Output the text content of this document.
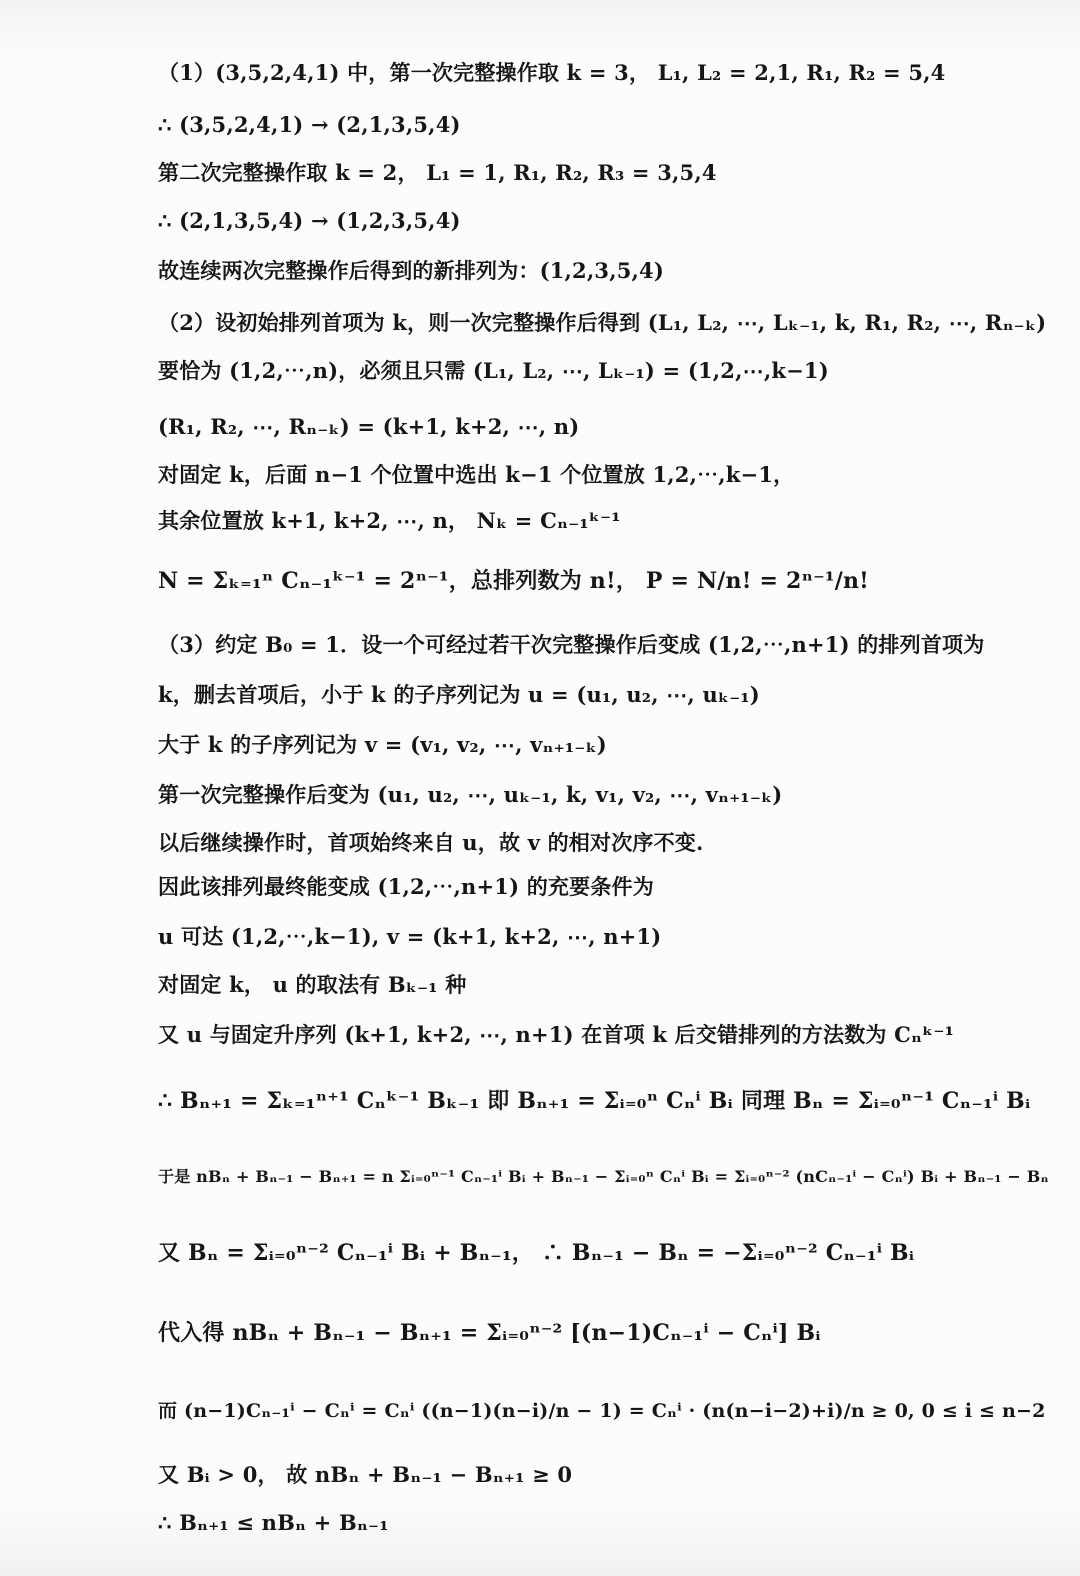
（1）(3,5,2,4,1) 中，第一次完整操作取 k = 3， L₁, L₂ = 2,1, R₁, R₂ = 5,4
∴ (3,5,2,4,1) → (2,1,3,5,4)
第二次完整操作取 k = 2， L₁ = 1, R₁, R₂, R₃ = 3,5,4
∴ (2,1,3,5,4) → (1,2,3,5,4)
故连续两次完整操作后得到的新排列为：(1,2,3,5,4)
（2）设初始排列首项为 k，则一次完整操作后得到 (L₁, L₂, ⋯, Lₖ₋₁, k, R₁, R₂, ⋯, Rₙ₋ₖ)
要恰为 (1,2,⋯,n)，必须且只需 (L₁, L₂, ⋯, Lₖ₋₁) = (1,2,⋯,k−1)
(R₁, R₂, ⋯, Rₙ₋ₖ) = (k+1, k+2, ⋯, n)
对固定 k，后面 n−1 个位置中选出 k−1 个位置放 1,2,⋯,k−1，
其余位置放 k+1, k+2, ⋯, n， Nₖ = Cₙ₋₁ᵏ⁻¹
N = Σₖ₌₁ⁿ Cₙ₋₁ᵏ⁻¹ = 2ⁿ⁻¹，总排列数为 n!， P = N/n! = 2ⁿ⁻¹/n!
（3）约定 B₀ = 1．设一个可经过若干次完整操作后变成 (1,2,⋯,n+1) 的排列首项为
k，删去首项后，小于 k 的子序列记为 u = (u₁, u₂, ⋯, uₖ₋₁)
大于 k 的子序列记为 v = (v₁, v₂, ⋯, vₙ₊₁₋ₖ)
第一次完整操作后变为 (u₁, u₂, ⋯, uₖ₋₁, k, v₁, v₂, ⋯, vₙ₊₁₋ₖ)
以后继续操作时，首项始终来自 u，故 v 的相对次序不变.
因此该排列最终能变成 (1,2,⋯,n+1) 的充要条件为
u 可达 (1,2,⋯,k−1), v = (k+1, k+2, ⋯, n+1)
对固定 k， u 的取法有 Bₖ₋₁ 种
又 u 与固定升序列 (k+1, k+2, ⋯, n+1) 在首项 k 后交错排列的方法数为 Cₙᵏ⁻¹
∴ Bₙ₊₁ = Σₖ₌₁ⁿ⁺¹ Cₙᵏ⁻¹ Bₖ₋₁ 即 Bₙ₊₁ = Σᵢ₌₀ⁿ Cₙⁱ Bᵢ 同理 Bₙ = Σᵢ₌₀ⁿ⁻¹ Cₙ₋₁ⁱ Bᵢ
于是 nBₙ + Bₙ₋₁ − Bₙ₊₁ = n Σᵢ₌₀ⁿ⁻¹ Cₙ₋₁ⁱ Bᵢ + Bₙ₋₁ − Σᵢ₌₀ⁿ Cₙⁱ Bᵢ = Σᵢ₌₀ⁿ⁻² (nCₙ₋₁ⁱ − Cₙⁱ) Bᵢ + Bₙ₋₁ − Bₙ
又 Bₙ = Σᵢ₌₀ⁿ⁻² Cₙ₋₁ⁱ Bᵢ + Bₙ₋₁， ∴ Bₙ₋₁ − Bₙ = −Σᵢ₌₀ⁿ⁻² Cₙ₋₁ⁱ Bᵢ
代入得 nBₙ + Bₙ₋₁ − Bₙ₊₁ = Σᵢ₌₀ⁿ⁻² [(n−1)Cₙ₋₁ⁱ − Cₙⁱ] Bᵢ
而 (n−1)Cₙ₋₁ⁱ − Cₙⁱ = Cₙⁱ ((n−1)(n−i)/n − 1) = Cₙⁱ · (n(n−i−2)+i)/n ≥ 0, 0 ≤ i ≤ n−2
又 Bᵢ > 0， 故 nBₙ + Bₙ₋₁ − Bₙ₊₁ ≥ 0
∴ Bₙ₊₁ ≤ nBₙ + Bₙ₋₁
